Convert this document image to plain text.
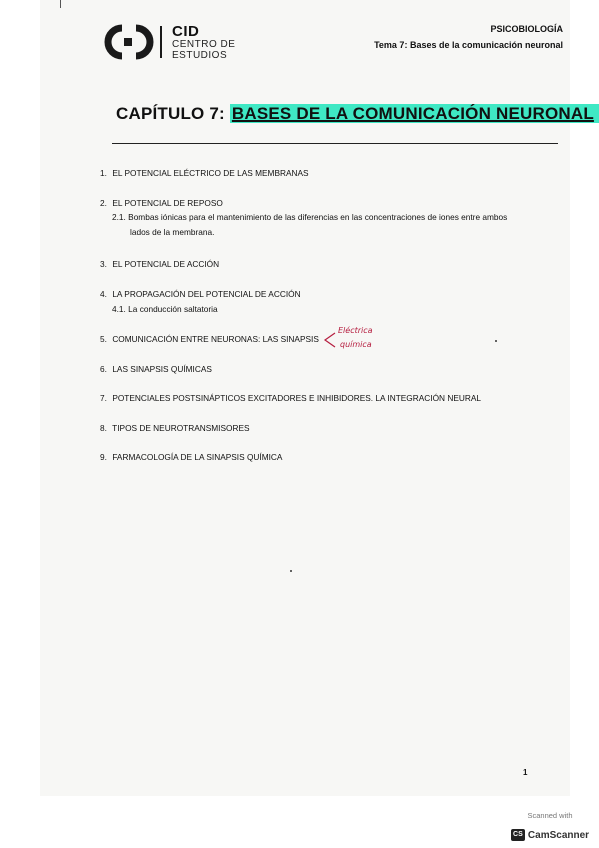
CID
CENTRO DE
ESTUDIOS
PSICOBIOLOGÍA
Tema 7: Bases de la comunicación neuronal
CAPÍTULO 7: BASES DE LA COMUNICACIÓN NEURONAL
1. EL POTENCIAL ELÉCTRICO DE LAS MEMBRANAS
2. EL POTENCIAL DE REPOSO
2.1. Bombas iónicas para el mantenimiento de las diferencias en las concentraciones de iones entre ambos
lados de la membrana.
3. EL POTENCIAL DE ACCIÓN
4. LA PROPAGACIÓN DEL POTENCIAL DE ACCIÓN
4.1. La conducción saltatoria
5. COMUNICACIÓN ENTRE NEURONAS: LAS SINAPSIS
6. LAS SINAPSIS QUÍMICAS
7. POTENCIALES POSTSINÁPTICOS EXCITADORES E INHIBIDORES. LA INTEGRACIÓN NEURAL
8. TIPOS DE NEUROTRANSMISORES
9. FARMACOLOGÍA DE LA SINAPSIS QUÍMICA
Eléctrica
química
1
Scanned with
CS CamScanner
